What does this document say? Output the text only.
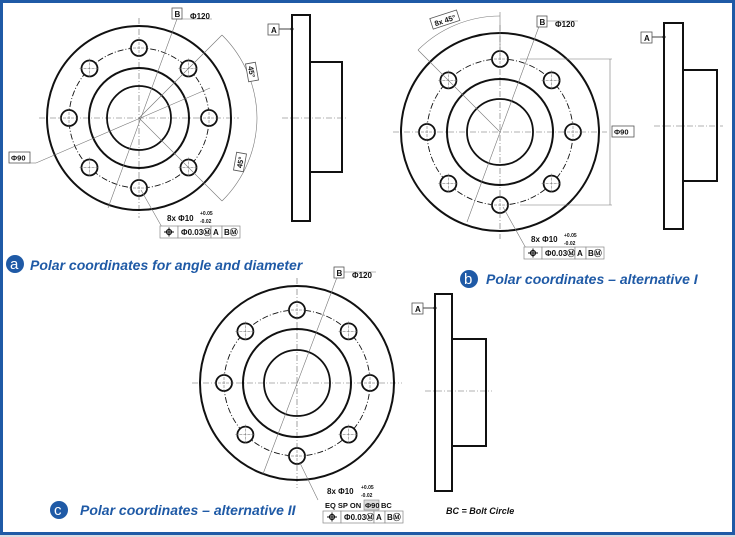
B Φ120
Φ90
45°
45°
A
8x Φ10 +0.05
-0.02
a Polar coordinates for angle and diameter
Φ0.03Ⓜ A BⓂ
8x 45°	B Φ120
Φ90
A
8x Φ10 +0.05
-0.02
b Polar coordinates – alternative I
Φ0.03Ⓜ A BⓂ
B Φ120
A
8x Φ10 +0.05
-0.02
EQ SP ON Φ90 BC
c Polar coordinates – alternative II	BC = Bolt Circle
Φ0.03Ⓜ A BⓂ
